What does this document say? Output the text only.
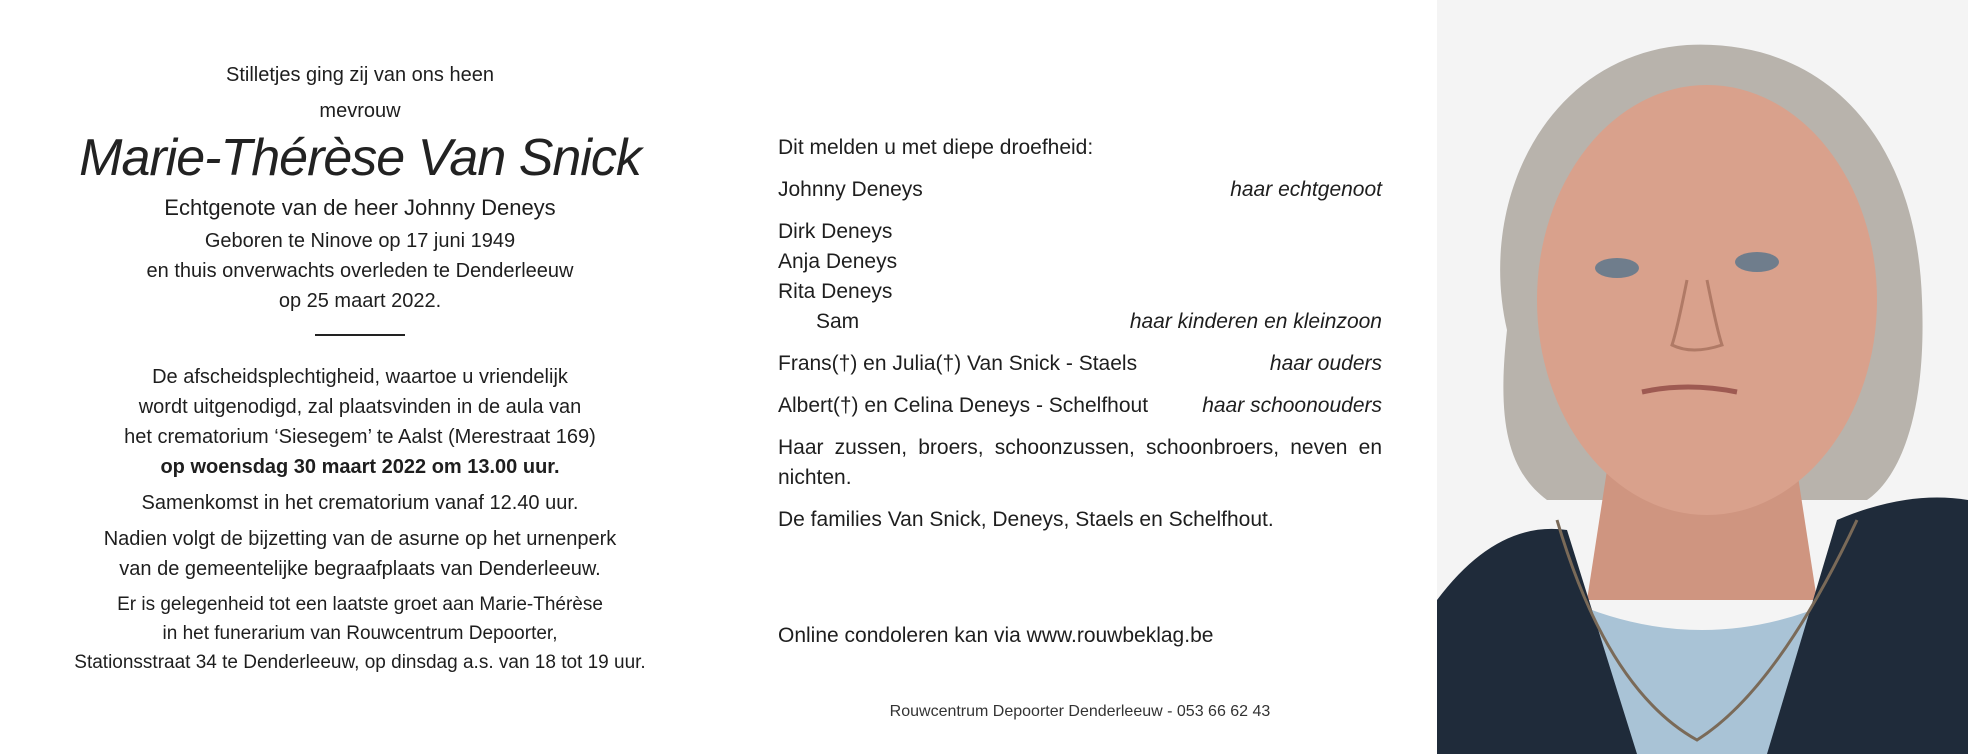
Stilletjes ging zij van ons heen

mevrouw

Marie-Thérèse Van Snick
Echtgenote van de heer Johnny Deneys
Geboren te Ninove op 17 juni 1949
en thuis onverwachts overleden te Denderleeuw
op 25 maart 2022.

De afscheidsplechtigheid, waartoe u vriendelijk

wordt uitgenodigd, zal plaatsvinden in de aula van

het crematorium ‘Siesegem’ te Aalst (Merestraat 169)

op woensdag 30 maart 2022 om 13.00 uur.

Samenkomst in het crematorium vanaf 12.40 uur.

Nadien volgt de bijzetting van de asurne op het urnenperk

van de gemeentelijke begraafplaats van Denderleeuw.

Er is gelegenheid tot een laatste groet aan Marie-Thérèse

in het funerarium van Rouwcentrum Depoorter,

Stationsstraat 34 te Denderleeuw, op dinsdag a.s. van 18 tot 19 uur.

Dit melden u met diepe droefheid:
Johnny Deneys	haar echtgenoot
Dirk Deneys
Anja Deneys
Rita Deneys
Sam	haar kinderen en kleinzoon
Frans(†) en Julia(†) Van Snick - Staels	haar ouders
Albert(†) en Celina Deneys - Schelfhout	haar schoonouders
Haar zussen, broers, schoonzussen, schoonbroers, neven en nichten.
De families Van Snick, Deneys, Staels en Schelfhout.
Online condoleren kan via www.rouwbeklag.be
Rouwcentrum Depoorter Denderleeuw - 053 66 62 43
